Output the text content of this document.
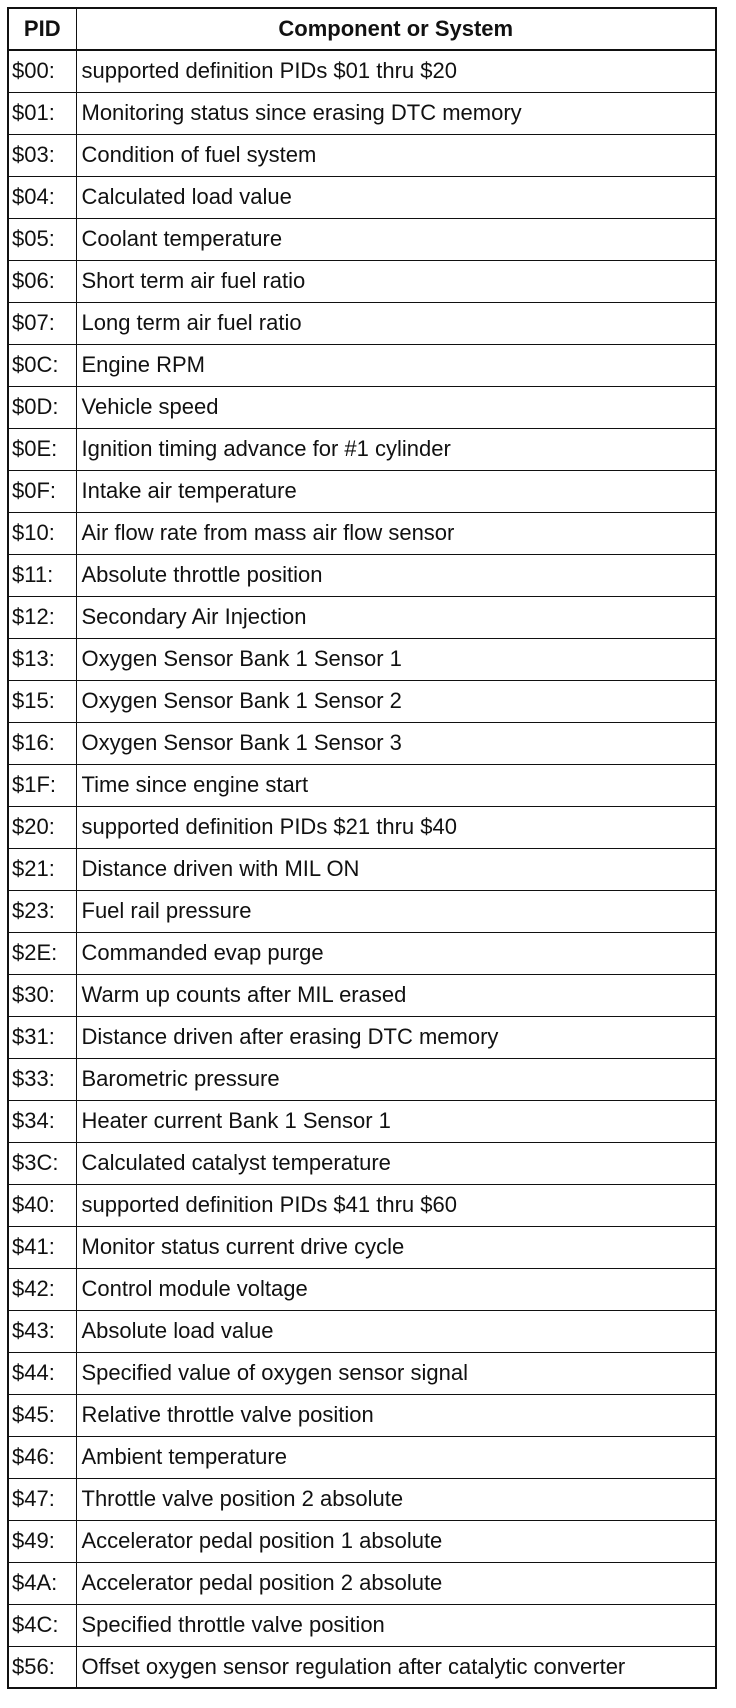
PID	Component or System
$00:	supported definition PIDs $01 thru $20
$01:	Monitoring status since erasing DTC memory
$03:	Condition of fuel system
$04:	Calculated load value
$05:	Coolant temperature
$06:	Short term air fuel ratio
$07:	Long term air fuel ratio
$0C:	Engine RPM
$0D:	Vehicle speed
$0E:	Ignition timing advance for #1 cylinder
$0F:	Intake air temperature
$10:	Air flow rate from mass air flow sensor
$11:	Absolute throttle position
$12:	Secondary Air Injection
$13:	Oxygen Sensor Bank 1 Sensor 1
$15:	Oxygen Sensor Bank 1 Sensor 2
$16:	Oxygen Sensor Bank 1 Sensor 3
$1F:	Time since engine start
$20:	supported definition PIDs $21 thru $40
$21:	Distance driven with MIL ON
$23:	Fuel rail pressure
$2E:	Commanded evap purge
$30:	Warm up counts after MIL erased
$31:	Distance driven after erasing DTC memory
$33:	Barometric pressure
$34:	Heater current Bank 1 Sensor 1
$3C:	Calculated catalyst temperature
$40:	supported definition PIDs $41 thru $60
$41:	Monitor status current drive cycle
$42:	Control module voltage
$43:	Absolute load value
$44:	Specified value of oxygen sensor signal
$45:	Relative throttle valve position
$46:	Ambient temperature
$47:	Throttle valve position 2 absolute
$49:	Accelerator pedal position 1 absolute
$4A:	Accelerator pedal position 2 absolute
$4C:	Specified throttle valve position
$56:	Offset oxygen sensor regulation after catalytic converter
